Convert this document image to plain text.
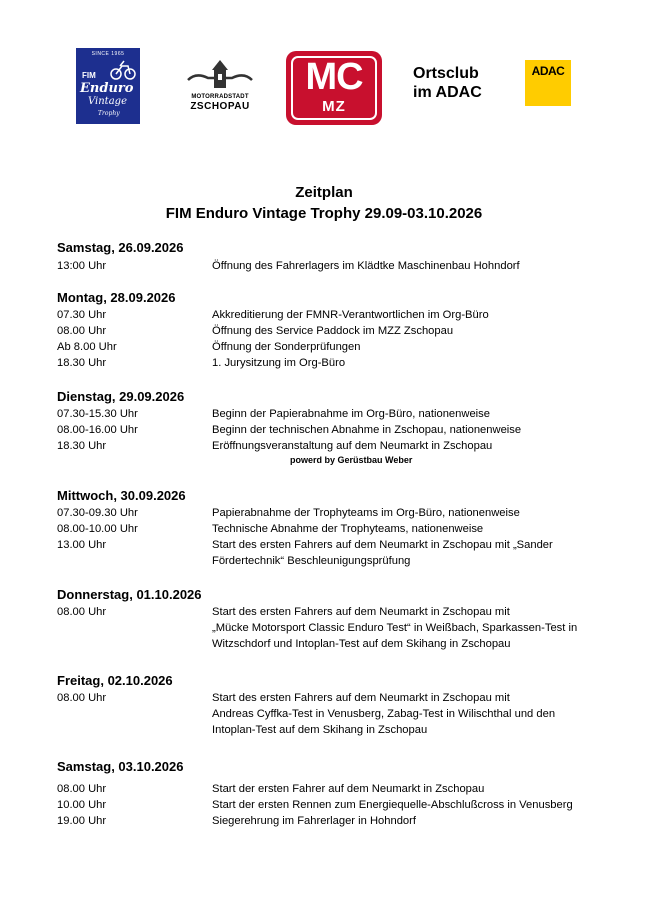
SINCE 1965
FIM
Enduro
Vintage
Trophy
MOTORRADSTADT
ZSCHOPAU
MC
MZ
Ortsclub
im ADAC
ADAC
Zeitplan
FIM Enduro Vintage Trophy 29.09-03.10.2026
Samstag, 26.09.2026
13:00 Uhr	Öffnung des Fahrerlagers im Klädtke Maschinenbau Hohndorf
Montag, 28.09.2026
07.30 Uhr	Akkreditierung der FMNR-Verantwortlichen im Org-Büro
08.00 Uhr	Öffnung des Service Paddock im MZZ Zschopau
Ab 8.00 Uhr	Öffnung der Sonderprüfungen
18.30 Uhr	1. Jurysitzung im Org-Büro
Dienstag, 29.09.2026
07.30-15.30 Uhr	Beginn der Papierabnahme im Org-Büro, nationenweise
08.00-16.00 Uhr	Beginn der technischen Abnahme in Zschopau, nationenweise
18.30 Uhr	Eröffnungsveranstaltung auf dem Neumarkt in Zschopau
powerd by Gerüstbau Weber
Mittwoch, 30.09.2026
07.30-09.30 Uhr	Papierabnahme der Trophyteams im Org-Büro, nationenweise
08.00-10.00 Uhr	Technische Abnahme der Trophyteams, nationenweise
13.00 Uhr	Start des ersten Fahrers auf dem Neumarkt in Zschopau mit „Sander
Fördertechnik“ Beschleunigungsprüfung
Donnerstag, 01.10.2026
08.00 Uhr	Start des ersten Fahrers auf dem Neumarkt in Zschopau mit
„Mücke Motorsport Classic Enduro Test“ in Weißbach, Sparkassen-Test in
Witzschdorf und Intoplan-Test auf dem Skihang in Zschopau
Freitag, 02.10.2026
08.00 Uhr	Start des ersten Fahrers auf dem Neumarkt in Zschopau mit
Andreas Cyffka-Test in Venusberg, Zabag-Test in Wilischthal und den
Intoplan-Test auf dem Skihang in Zschopau
Samstag, 03.10.2026
08.00 Uhr	Start der ersten Fahrer auf dem Neumarkt in Zschopau
10.00 Uhr	Start der ersten Rennen zum Energiequelle-Abschlußcross in Venusberg
19.00 Uhr	Siegerehrung im Fahrerlager in Hohndorf
